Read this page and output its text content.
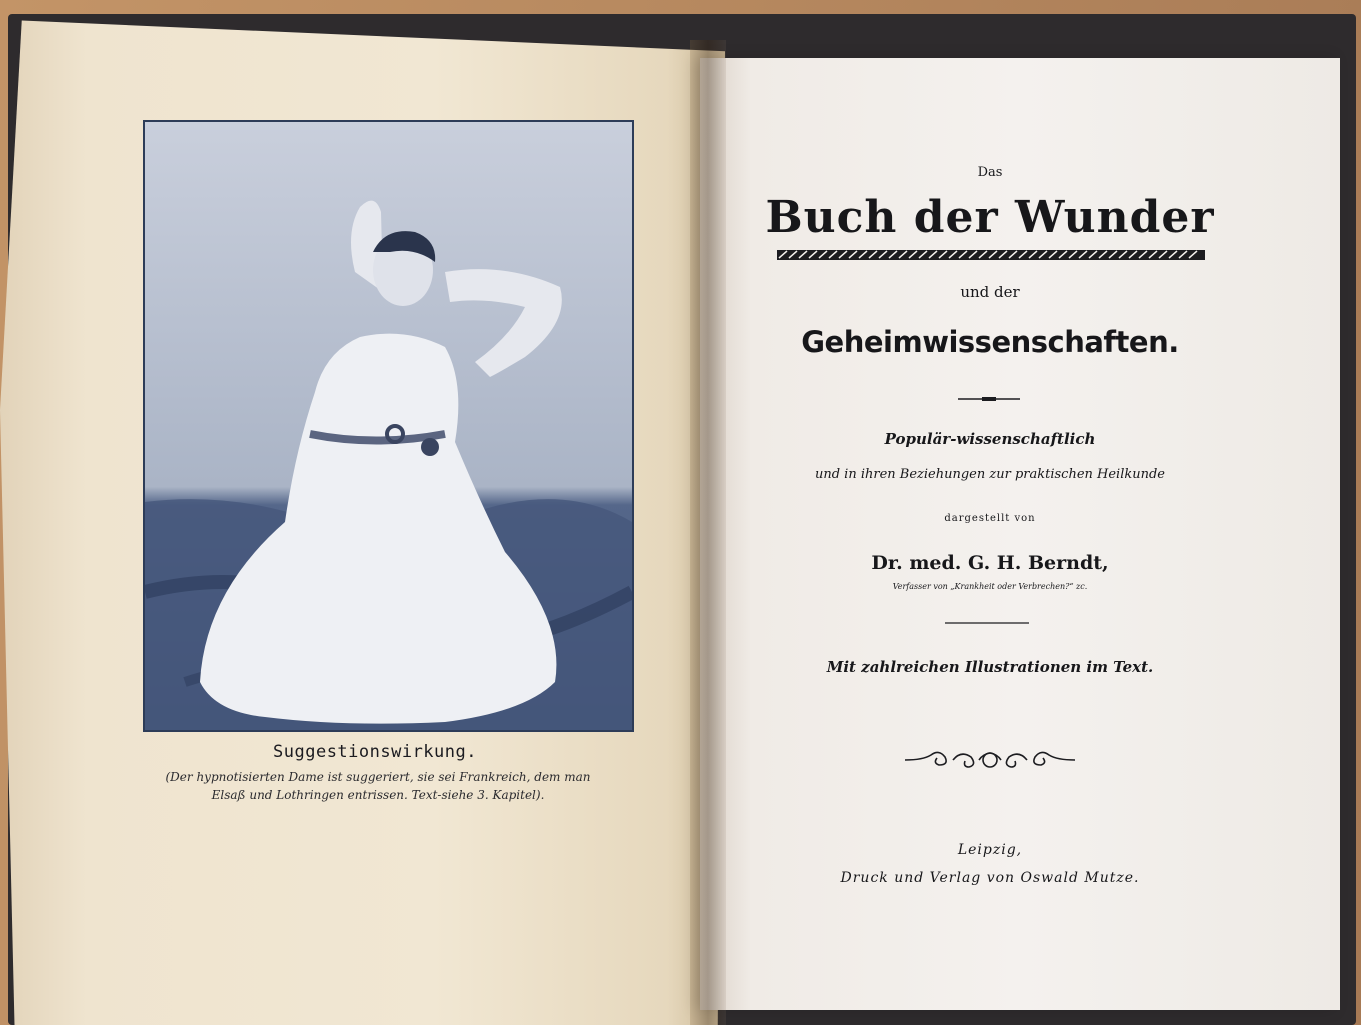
Suggestionswirkung.
(Der hypnotisierten Dame ist suggeriert, sie sei Frankreich, dem man
Elsaß und Lothringen entrissen. Text-siehe 3. Kapitel).
Das
Buch der Wunder
und der
Geheimwissenschaften.
Populär-wissenschaftlich
und in ihren Beziehungen zur praktischen Heilkunde
dargestellt von
Dr. med. G. H. Berndt,
Verfasser von „Krankheit oder Verbrechen?“ zc.
Mit zahlreichen Illustrationen im Text.
Leipzig,
Druck und Verlag von Oswald Mutze.
